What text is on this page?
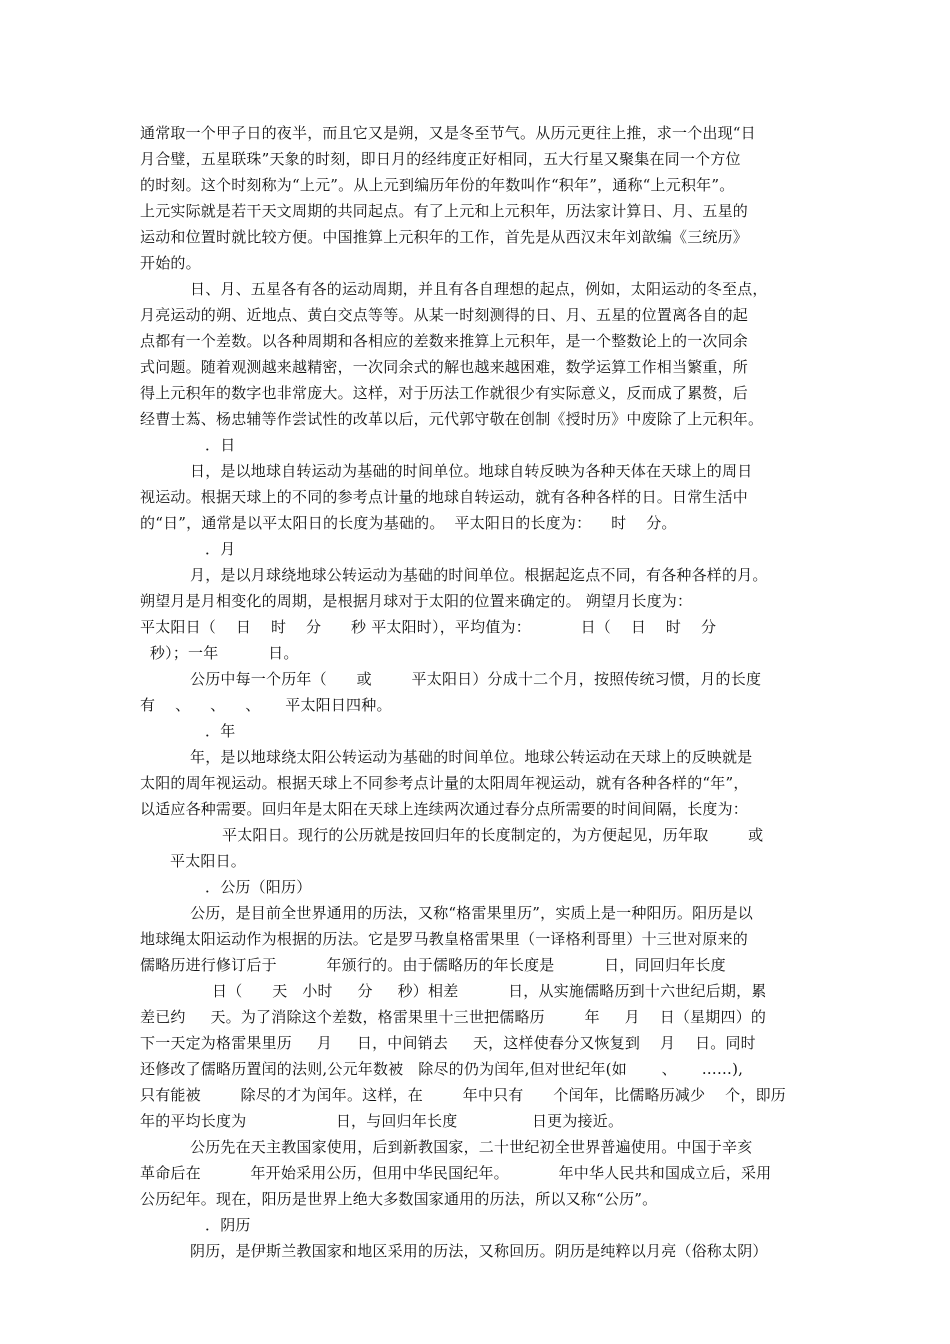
通常取一个甲子日的夜半，而且它又是朔，又是冬至节气。从历元更往上推，求一个出现“日
月合璧，五星联珠”天象的时刻，即日月的经纬度正好相同，五大行星又聚集在同一个方位
的时刻。这个时刻称为“上元”。从上元到编历年份的年数叫作“积年”，通称“上元积年”。
上元实际就是若干天文周期的共同起点。有了上元和上元积年，历法家计算日、月、五星的
运动和位置时就比较方便。中国推算上元积年的工作，首先是从西汉末年刘歆编《三统历》
开始的。
日、月、五星各有各的运动周期，并且有各自理想的起点，例如，太阳运动的冬至点，
月亮运动的朔、近地点、黄白交点等等。从某一时刻测得的日、月、五星的位置离各自的起
点都有一个差数。以各种周期和各相应的差数来推算上元积年，是一个整数论上的一次同余
式问题。随着观测越来越精密，一次同余式的解也越来越困难，数学运算工作相当繁重，所
得上元积年的数字也非常庞大。这样，对于历法工作就很少有实际意义，反而成了累赘，后
经曹士蒍、杨忠辅等作尝试性的改革以后，元代郭守敬在创制《授时历》中废除了上元积年。
．日
日，是以地球自转运动为基础的时间单位。地球自转反映为各种天体在天球上的周日
视运动。根据天球上的不同的参考点计量的地球自转运动，就有各种各样的日。日常生活中
的“日”，通常是以平太阳日的长度为基础的。  平太阳日的长度为：    时    分。
．月
月，是以月球绕地球公转运动为基础的时间单位。根据起迄点不同，有各种各样的月。
朔望月是月相变化的周期，是根据月球对于太阳的位置来确定的。 朔望月长度为：
平太阳日（    日    时    分      秒 平太阳时），平均值为：          日（    日    时    分
秒）；一年          日。
公历中每一个历年（      或        平太阳日）分成十二个月，按照传统习惯，月的长度
有    、    、    、     平太阳日四种。
．年
年，是以地球绕太阳公转运动为基础的时间单位。地球公转运动在天球上的反映就是
太阳的周年视运动。根据天球上不同参考点计量的太阳周年视运动，就有各种各样的“年”，
以适应各种需要。回归年是太阳在天球上连续两次通过春分点所需要的时间间隔，长度为：
平太阳日。现行的公历就是按回归年的长度制定的，为方便起见，历年取        或
平太阳日。
．公历（阳历）
公历，是目前全世界通用的历法，又称“格雷果里历”，实质上是一种阳历。阳历是以
地球绳太阳运动作为根据的历法。它是罗马教皇格雷果里（一译格利哥里）十三世对原来的
儒略历进行修订后于          年颁行的。由于儒略历的年长度是          日，同回归年长度
日（      天   小时     分     秒）相差          日，从实施儒略历到十六世纪后期，累
差已约     天。为了消除这个差数，格雷果里十三世把儒略历        年     月    日（星期四）的
下一天定为格雷果里历     月     日，中间销去     天，这样使春分又恢复到    月    日。同时
还修改了儒略历置闰的法则,公元年数被   除尽的仍为闰年,但对世纪年(如       、     ……),
只有能被        除尽的才为闰年。这样，在        年中只有      个闰年，比儒略历减少    个，即历
年的平均长度为                  日，与回归年长度               日更为接近。
公历先在天主教国家使用，后到新教国家，二十世纪初全世界普遍使用。中国于辛亥
革命后在          年开始采用公历，但用中华民国纪年。          年中华人民共和国成立后，采用
公历纪年。现在，阳历是世界上绝大多数国家通用的历法，所以又称“公历”。
．阴历
阴历，是伊斯兰教国家和地区采用的历法，又称回历。阴历是纯粹以月亮（俗称太阴）
